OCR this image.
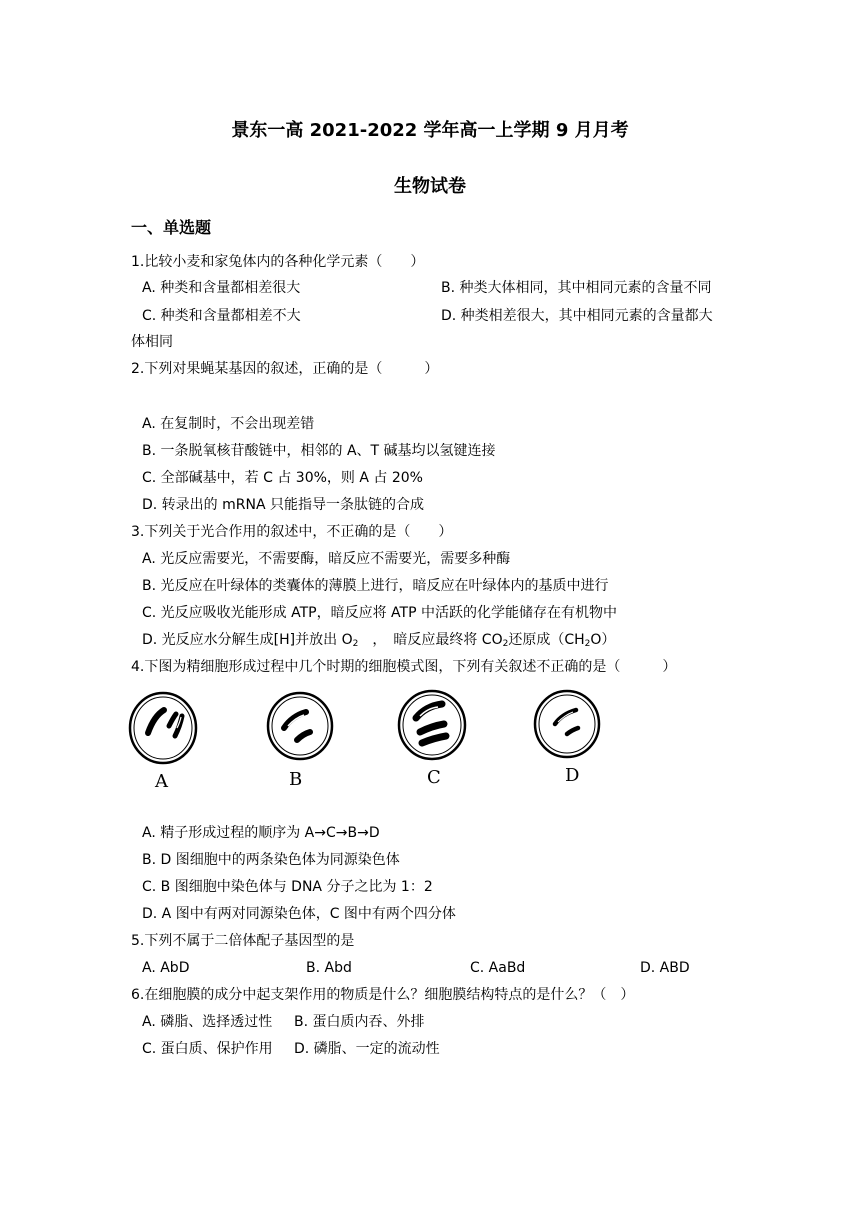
景东一高 2021-2022 学年高一上学期 9 月月考
生物试卷
一、单选题
1.比较小麦和家兔体内的各种化学元素（　　）
A. 种类和含量都相差很大	B. 种类大体相同，其中相同元素的含量不同
C. 种类和含量都相差不大	D. 种类相差很大，其中相同元素的含量都大
体相同
2.下列对果蝇某基因的叙述，正确的是（　　　）
A. 在复制时，不会出现差错
B. 一条脱氧核苷酸链中，相邻的 A、T 碱基均以氢键连接
C. 全部碱基中，若 C 占 30%，则 A 占 20%
D. 转录出的 mRNA 只能指导一条肽链的合成
3.下列关于光合作用的叙述中，不正确的是（　　）
A. 光反应需要光，不需要酶，暗反应不需要光，需要多种酶
B. 光反应在叶绿体的类囊体的薄膜上进行，暗反应在叶绿体内的基质中进行
C. 光反应吸收光能形成 ATP，暗反应将 ATP 中活跃的化学能储存在有机物中
D. 光反应水分解生成[H]并放出 $O_2$　，　暗反应最终将 $CO_2$还原成$(CH_2O)$
4.下图为精细胞形成过程中几个时期的细胞模式图，下列有关叙述不正确的是（　　　）
A	B	C	D
A. 精子形成过程的顺序为 A→C→B→D
B. D 图细胞中的两条染色体为同源染色体
C. B 图细胞中染色体与 DNA 分子之比为 1：2
D. A 图中有两对同源染色体，C 图中有两个四分体
5.下列不属于二倍体配子基因型的是
A. AbD	B. Abd	C. AaBd	D. ABD
6.在细胞膜的成分中起支架作用的物质是什么？细胞膜结构特点的是什么？（　）
A. 磷脂、选择透过性 B. 蛋白质内吞、外排
C. 蛋白质、保护作用 D. 磷脂、一定的流动性
